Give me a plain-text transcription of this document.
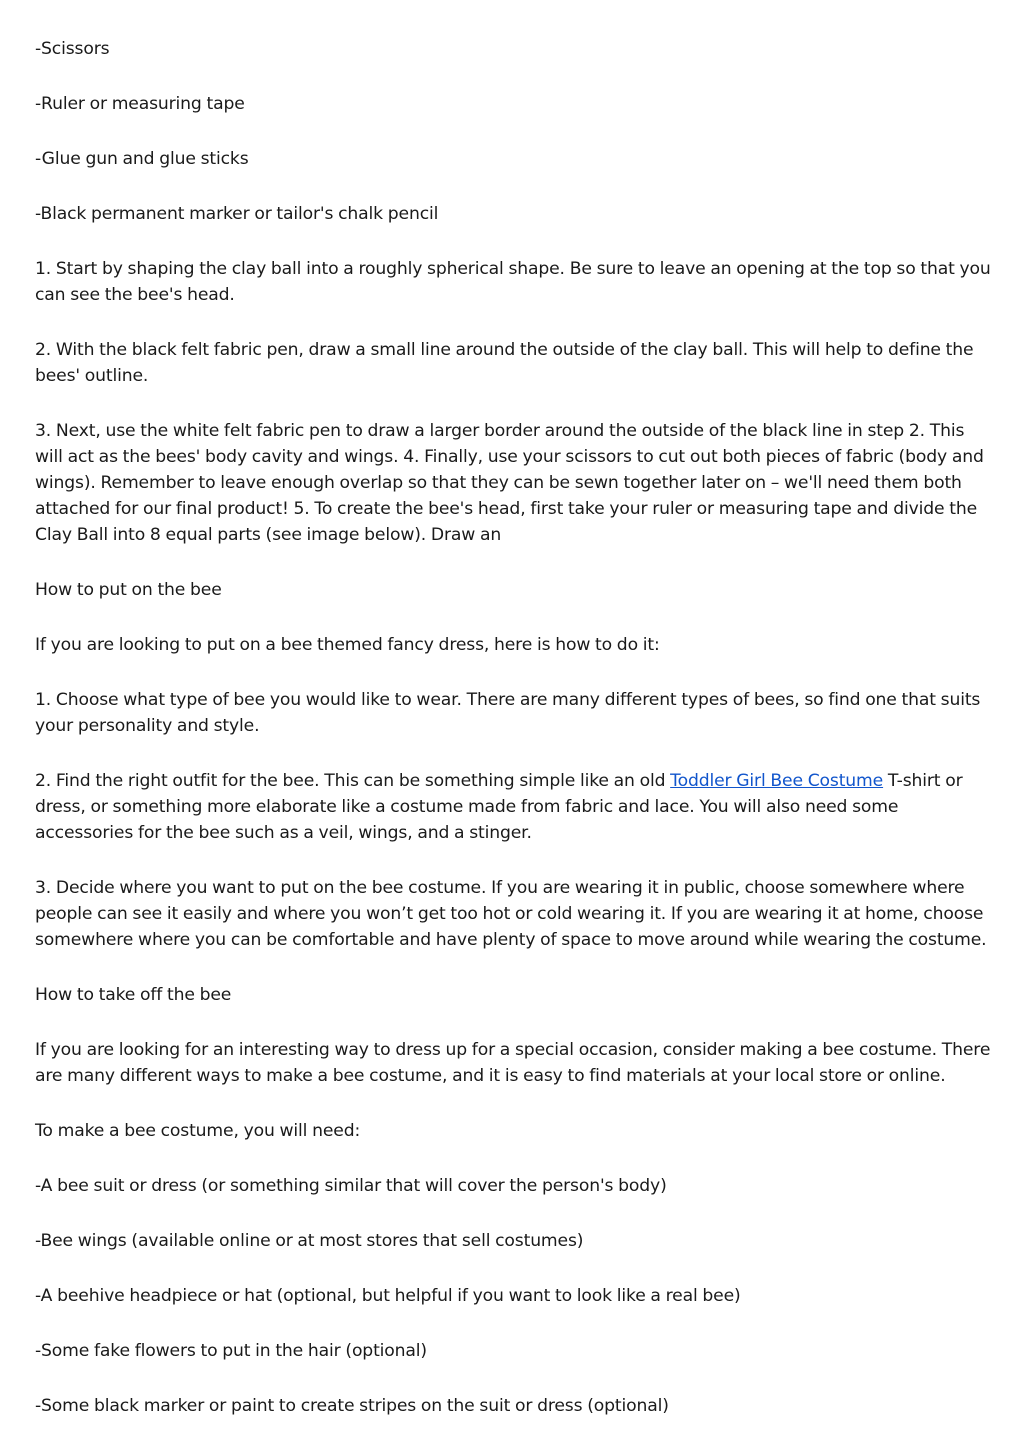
-Scissors

-Ruler or measuring tape

-Glue gun and glue sticks

-Black permanent marker or tailor's chalk pencil

1. Start by shaping the clay ball into a roughly spherical shape. Be sure to leave an opening at the top so that you can see the bee's head.

2. With the black felt fabric pen, draw a small line around the outside of the clay ball. This will help to define the bees' outline.

3. Next, use the white felt fabric pen to draw a larger border around the outside of the black line in step 2. This will act as the bees' body cavity and wings. 4. Finally, use your scissors to cut out both pieces of fabric (body and wings). Remember to leave enough overlap so that they can be sewn together later on – we'll need them both attached for our final product! 5. To create the bee's head, first take your ruler or measuring tape and divide the Clay Ball into 8 equal parts (see image below). Draw an

How to put on the bee

If you are looking to put on a bee themed fancy dress, here is how to do it:

1. Choose what type of bee you would like to wear. There are many different types of bees, so find one that suits your personality and style.

2. Find the right outfit for the bee. This can be something simple like an old Toddler Girl Bee Costume T-shirt or dress, or something more elaborate like a costume made from fabric and lace. You will also need some accessories for the bee such as a veil, wings, and a stinger.

3. Decide where you want to put on the bee costume. If you are wearing it in public, choose somewhere where people can see it easily and where you won’t get too hot or cold wearing it. If you are wearing it at home, choose somewhere where you can be comfortable and have plenty of space to move around while wearing the costume.

How to take off the bee

If you are looking for an interesting way to dress up for a special occasion, consider making a bee costume. There are many different ways to make a bee costume, and it is easy to find materials at your local store or online.

To make a bee costume, you will need:

-A bee suit or dress (or something similar that will cover the person's body)

-Bee wings (available online or at most stores that sell costumes)

-A beehive headpiece or hat (optional, but helpful if you want to look like a real bee)

-Some fake flowers to put in the hair (optional)

-Some black marker or paint to create stripes on the suit or dress (optional)
